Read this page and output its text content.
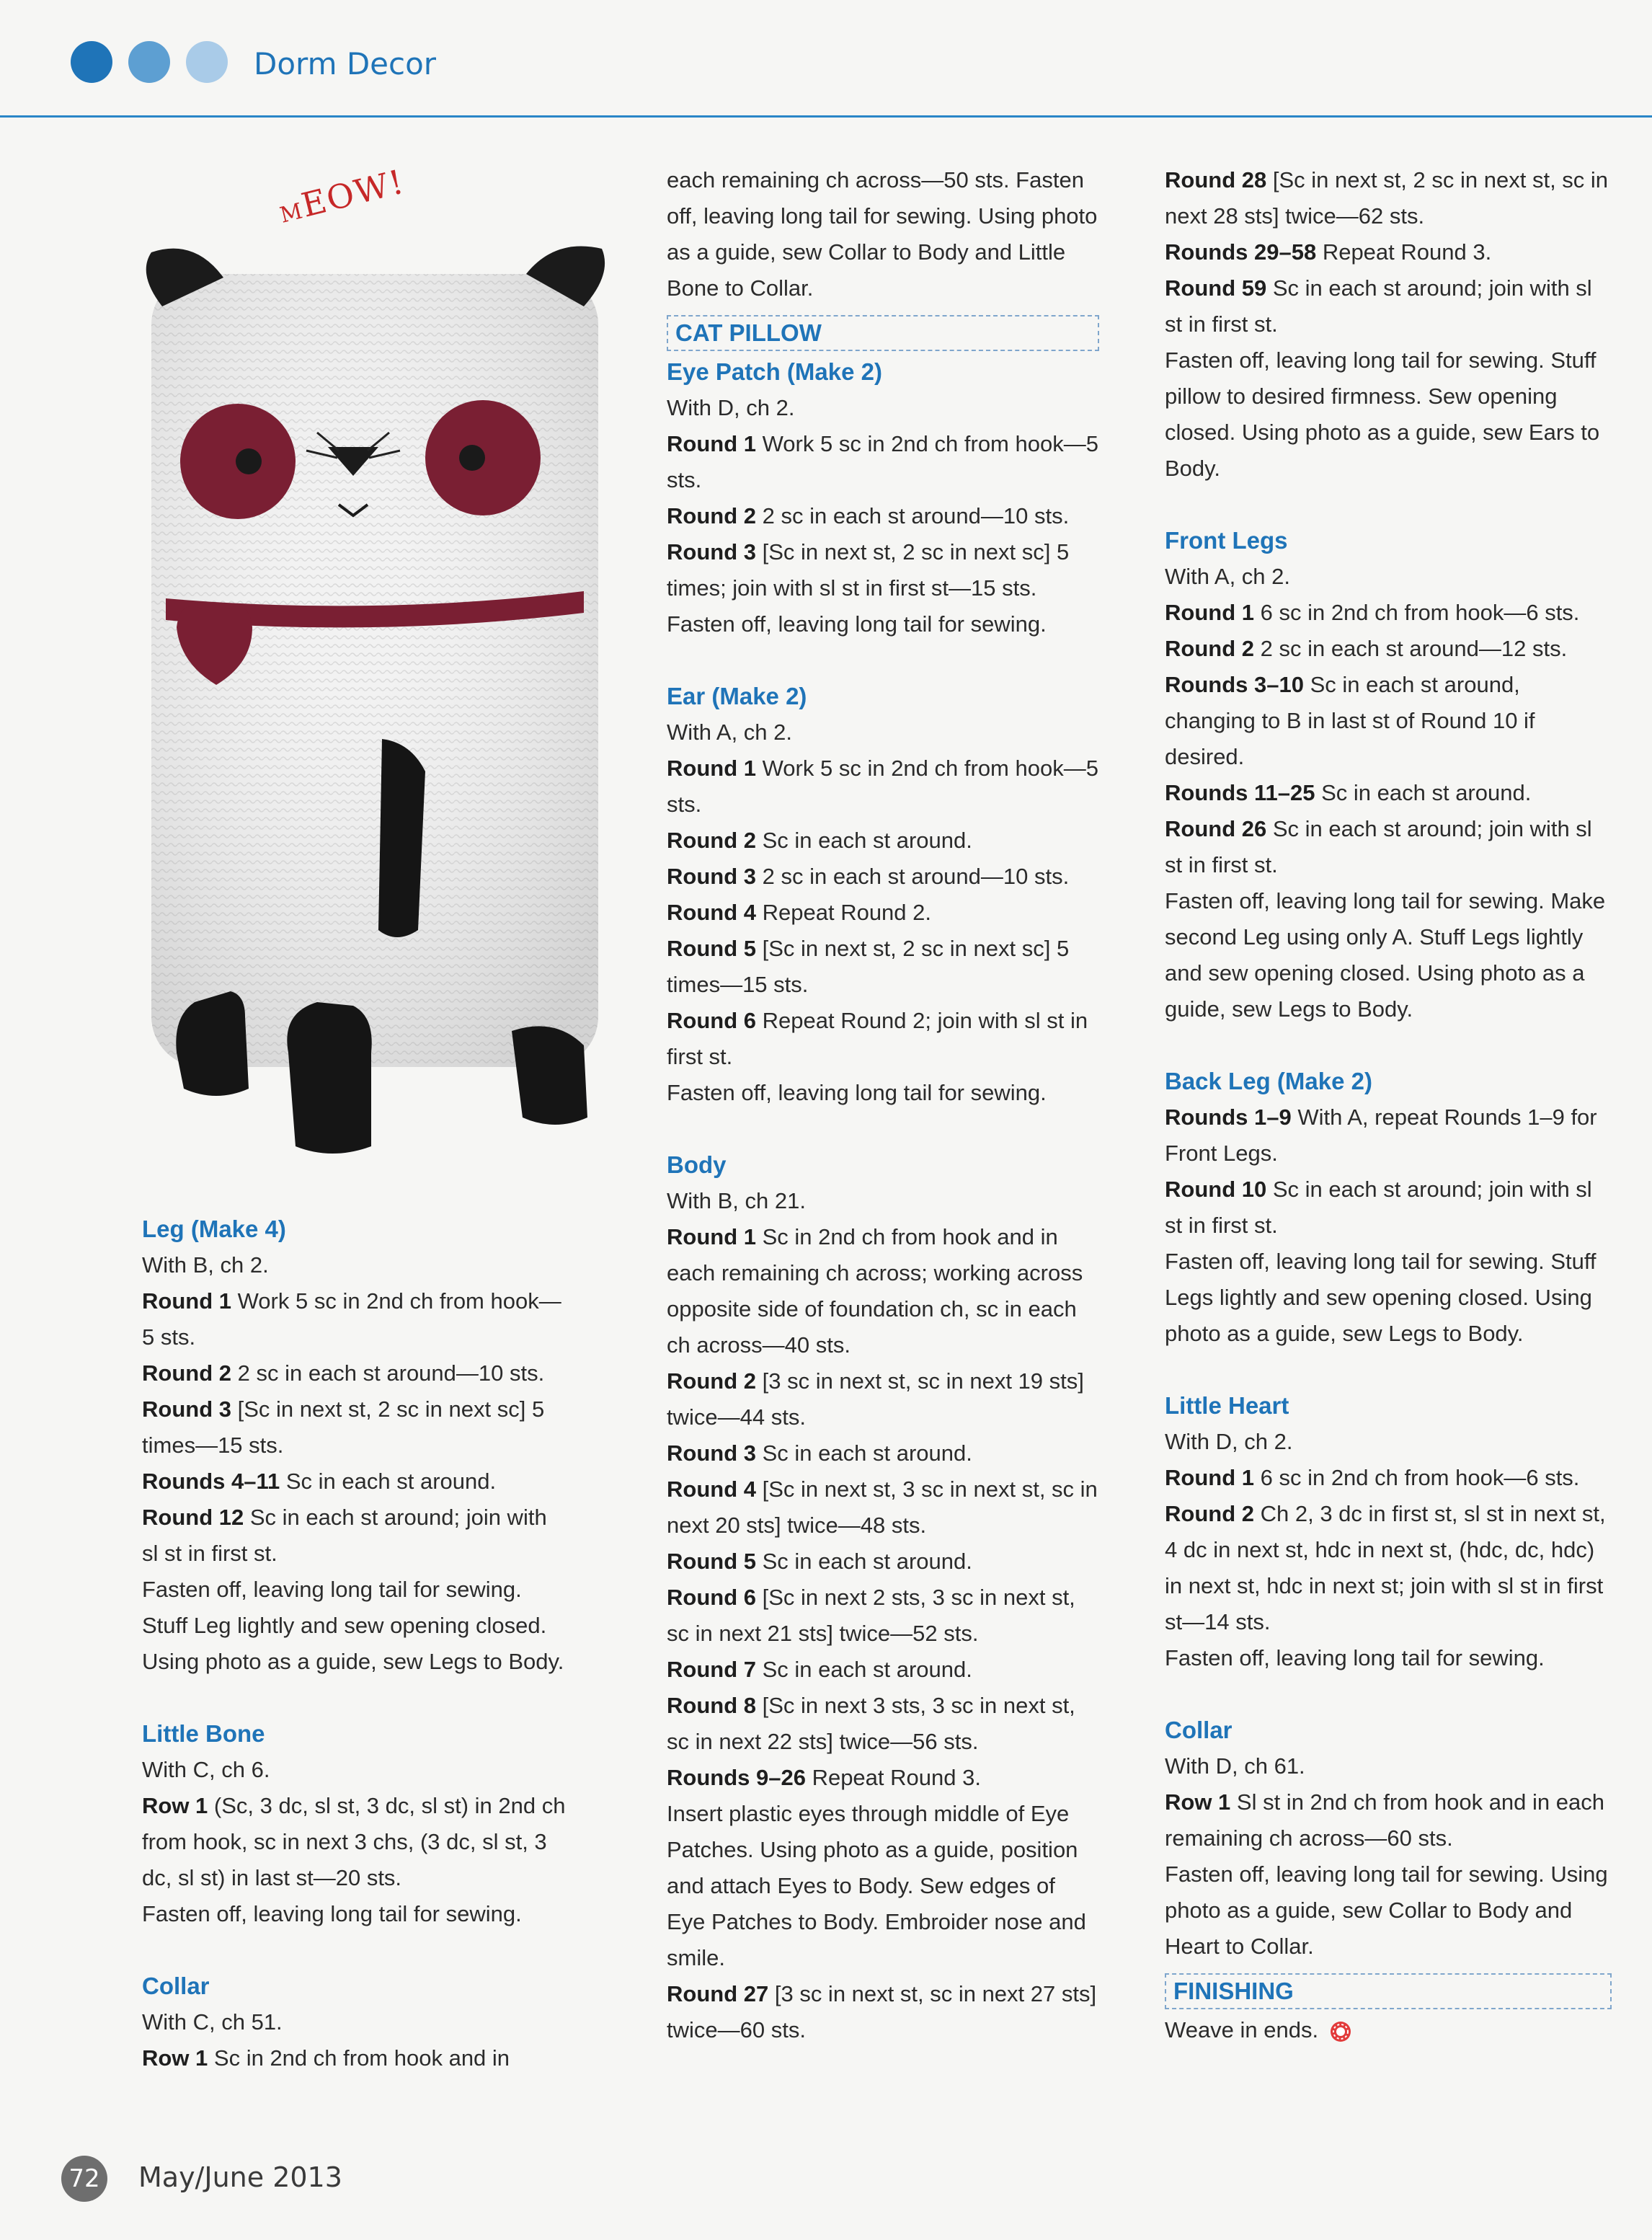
Dorm Decor
MEOW!
Leg (Make 4)

With B, ch 2.

Round 1 Work 5 sc in 2nd ch from hook—5 sts.

Round 2 2 sc in each st around—10 sts.

Round 3 [Sc in next st, 2 sc in next sc] 5 times—15 sts.

Rounds 4–11 Sc in each st around.

Round 12 Sc in each st around; join with sl st in first st.

Fasten off, leaving long tail for sewing. Stuff Leg lightly and sew opening closed. Using photo as a guide, sew Legs to Body.

Little Bone

With C, ch 6.

Row 1 (Sc, 3 dc, sl st, 3 dc, sl st) in 2nd ch from hook, sc in next 3 chs, (3 dc, sl st, 3 dc, sl st) in last st—20 sts.

Fasten off, leaving long tail for sewing.

Collar

With C, ch 51.

Row 1 Sc in 2nd ch from hook and in

each remaining ch across—50 sts. Fasten off, leaving long tail for sewing. Using photo as a guide, sew Collar to Body and Little Bone to Collar.

CAT PILLOW
Eye Patch (Make 2)

With D, ch 2.

Round 1 Work 5 sc in 2nd ch from hook—5 sts.

Round 2 2 sc in each st around—10 sts.

Round 3 [Sc in next st, 2 sc in next sc] 5 times; join with sl st in first st—15 sts.

Fasten off, leaving long tail for sewing.

Ear (Make 2)

With A, ch 2.

Round 1 Work 5 sc in 2nd ch from hook—5 sts.

Round 2 Sc in each st around.

Round 3 2 sc in each st around—10 sts.

Round 4 Repeat Round 2.

Round 5 [Sc in next st, 2 sc in next sc] 5 times—15 sts.

Round 6 Repeat Round 2; join with sl st in first st.

Fasten off, leaving long tail for sewing.

Body

With B, ch 21.

Round 1 Sc in 2nd ch from hook and in each remaining ch across; working across opposite side of foundation ch, sc in each ch across—40 sts.

Round 2 [3 sc in next st, sc in next 19 sts] twice—44 sts.

Round 3 Sc in each st around.

Round 4 [Sc in next st, 3 sc in next st, sc in next 20 sts] twice—48 sts.

Round 5 Sc in each st around.

Round 6 [Sc in next 2 sts, 3 sc in next st, sc in next 21 sts] twice—52 sts.

Round 7 Sc in each st around.

Round 8 [Sc in next 3 sts, 3 sc in next st, sc in next 22 sts] twice—56 sts.

Rounds 9–26 Repeat Round 3.

Insert plastic eyes through middle of Eye Patches. Using photo as a guide, position and attach Eyes to Body. Sew edges of Eye Patches to Body. Embroider nose and smile.

Round 27 [3 sc in next st, sc in next 27 sts] twice—60 sts.

Round 28 [Sc in next st, 2 sc in next st, sc in next 28 sts] twice—62 sts.

Rounds 29–58 Repeat Round 3.

Round 59 Sc in each st around; join with sl st in first st.

Fasten off, leaving long tail for sewing. Stuff pillow to desired firmness. Sew opening closed. Using photo as a guide, sew Ears to Body.

Front Legs

With A, ch 2.

Round 1 6 sc in 2nd ch from hook—6 sts.

Round 2 2 sc in each st around—12 sts.

Rounds 3–10 Sc in each st around, changing to B in last st of Round 10 if desired.

Rounds 11–25 Sc in each st around.

Round 26 Sc in each st around; join with sl st in first st.

Fasten off, leaving long tail for sewing. Make second Leg using only A. Stuff Legs lightly and sew opening closed. Using photo as a guide, sew Legs to Body.

Back Leg (Make 2)

Rounds 1–9 With A, repeat Rounds 1–9 for Front Legs.

Round 10 Sc in each st around; join with sl st in first st.

Fasten off, leaving long tail for sewing. Stuff Legs lightly and sew opening closed. Using photo as a guide, sew Legs to Body.

Little Heart

With D, ch 2.

Round 1 6 sc in 2nd ch from hook—6 sts.

Round 2 Ch 2, 3 dc in first st, sl st in next st, 4 dc in next st, hdc in next st, (hdc, dc, hdc) in next st, hdc in next st; join with sl st in first st—14 sts.

Fasten off, leaving long tail for sewing.

Collar

With D, ch 61.

Row 1 Sl st in 2nd ch from hook and in each remaining ch across—60 sts.

Fasten off, leaving long tail for sewing. Using photo as a guide, sew Collar to Body and Heart to Collar.

FINISHING

Weave in ends.

72 May/June 2013
